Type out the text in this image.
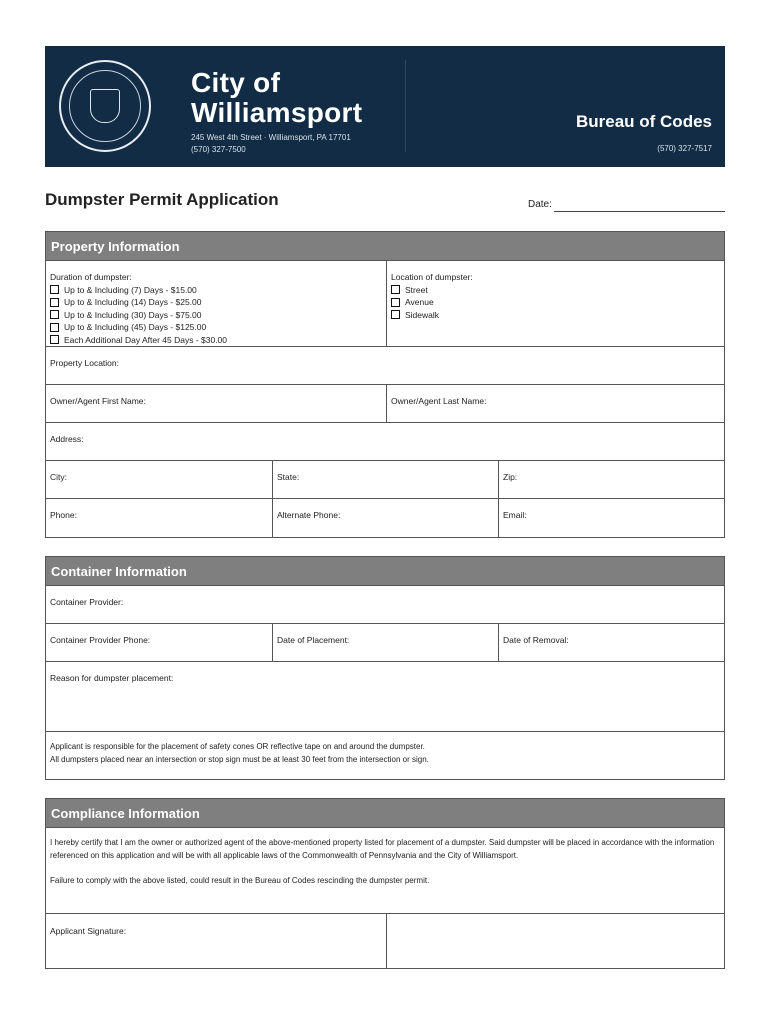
City of
Williamsport
245 West 4th Street · Williamsport, PA 17701
(570) 327-7500
Bureau of Codes
(570) 327-7517
Dumpster Permit Application	Date:
Property Information
Duration of dumpster:
Up to & Including (7) Days - $15.00
Up to & Including (14) Days - $25.00
Up to & Including (30) Days - $75.00
Up to & Including (45) Days - $125.00
Each Additional Day After 45 Days - $30.00
Location of dumpster:
Street
Avenue
Sidewalk
Property Location:
Owner/Agent First Name:	Owner/Agent Last Name:
Address:
City:	State:	Zip:
Phone:	Alternate Phone:	Email:
Container Information
Container Provider:
Container Provider Phone:	Date of Placement:	Date of Removal:
Reason for dumpster placement:
Applicant is responsible for the placement of safety cones OR reflective tape on and around the dumpster.
All dumpsters placed near an intersection or stop sign must be at least 30 feet from the intersection or sign.
Compliance Information
I hereby certify that I am the owner or authorized agent of the above-mentioned property listed for placement of a dumpster. Said dumpster will be placed in accordance with the information referenced on this application and will be with all applicable laws of the Commonwealth of Pennsylvania and the City of Williamsport.
Failure to comply with the above listed, could result in the Bureau of Codes rescinding the dumpster permit.
Applicant Signature:
